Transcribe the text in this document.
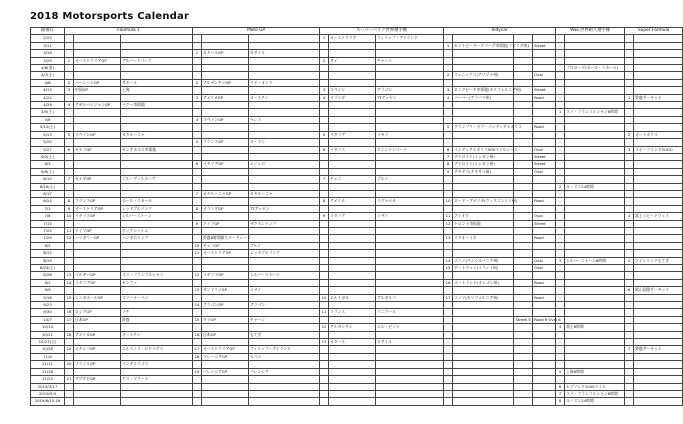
2018 Motorsports Calendar
開催日	Foumula 1			Moto GP			スーパーバイク世界選手権			Indycar				WEC世界耐久選手権		Super Formula	
2/25							1	オーストラリア	フィリップ・アイランド								
3/11										1	セントピーターズバーグ市街地(フロリダ州)		Street				
3/18				1	カタールGP	ロサイル											
3/25	1	オーストラリアGP	アルバートパーク				2	タイ	チャーン								
4/8(金)															プロローグ(ポール・リカール)		
4/7(土)										2	フェニックス(アリゾナ州)		Oval				
4/8	2	バーレーンGP	サキール	2	アルゼンチンGP	リオ・オンド											
4/15	3	中国GP	上海				3	スペイン	アラゴン	3	ロングビーチ市街地(カリフォルニア州)		Street				
4/22				3	アメリカGP	オースチン	4	オランダ	TTアッセン	4	バーバー(アラバマ州)		Road			1	鈴鹿サーキット
4/29	4	アゼルバイジャンGP	バクー市街地														
5/5(土)														1	スパ・フランコルシャン6時間		
5/6				4	スペインGP	ヘレス											
5/12(土)										5	グランプリ・オブ・インディアナポリス		Road				
5/13	5	スペインGP	カタルーニャ				5	イタリア	イモラ							2	オートポリス
5/20				5	フランスGP	ル・マン											
5/27	6	モナコGP	モンテカルロ市街地				6	イギリス	ドニントンパーク	6	インディアナポリス500マイルレース		Oval			3	スポーツランドSUGO
6/2(土)										7	デトロイト(ミシガン州)		Street				
6/3				6	イタリアGP	ムジェロ				8	デトロイト(ミシガン州)		Street				
6/9(土)										9	テキサス(テキサス州)		Oval				
6/10	7	カナダGP	ジル・ヴィルヌーヴ				7	チェコ	ブルノ								
6/16(土)														2	ル・マン24時間		
6/17				7	カタルーニャGP	カタルーニャ											
6/24	8	フランスGP	ポール・リカール				8	アメリカ	ラグナセカ	10	ロード・アメリカ(ウィスコンシン州)		Road				
7/1	9	オーストリアGP	レッドブルリンク	8	オランダGP	TTアッセン											
7/8	10	イギリスGP	シルバーストーン				9	イタリア	ミザノ	11	アイオワ		Oval			4	富士スピードウェイ
7/15				9	ドイツGP	ザクセンリンク				12	トロント市街地		Street				
7/22	11	ドイツGP	ホッケンハイム														
7/29	12	ハンガリーGP	ハンガロリンク		鈴鹿8時間耐久ロードレース					13	ミドオハイオ		Road				
8/5				10	チェコGP	ブルノ											
8/12				11	オーストリアGP	レッドブルリンク											
8/19										14	ポコノ(ペンシルバニア州)		Oval	3	シルバーストーン6時間	5	ツインリンクもてぎ
8/25(土)										15	ゲートウェイ(イリノイ州)		Oval				
8/26	13	ベルギーGP	スパ・フランコルシャン	12	イギリスGP	シルバーストーン											
9/2	14	イタリアGP	モンツァ							16	ポートランド(オレゴン州)		Road				
9/9				13	サンマリノGP	ミザノ										6	岡山国際サーキット
9/16	15	シンガポールGP	マリーナ・ベイ				10	ポルトガル	アルガルベ	17	ソノマ(カリフォルニア州)		Road				
9/23				14	アラゴンGP	アラゴン											
9/30	16	ロシアGP	ソチ				11	フランス	マニクール								
10/7	17	日本GP	鈴鹿	15	タイGP	チャーン						Street 5	Road 6 Oval 6				
10/14							12	アルゼンチン	エル・ビジャ					4	富士6時間		
10/21	18	アメリカGP	オースチン	16	日本GP	もてぎ											
10/27(土)							13	カタール	ロサイル								
10/28	19	メキシコGP	エルマノス・ロドリゲス	17	オーストラリアGP	フィリップ・アイランド										7	鈴鹿サーキット
11/4				18	マレーシアGP	セパン											
11/11	20	ブラジルGP	インテルラゴス														
11/18				19	バレンシアGP	バレンシア								5	上海6時間		
11/25	21	アブダビGP	ヤス・マリーナ														
2019/3/17														6	セブリング1000マイル		
2019/5/4														7	スパ・フランコルシャン6時間		
2019/6/15-16														8	ル・マン24時間		
